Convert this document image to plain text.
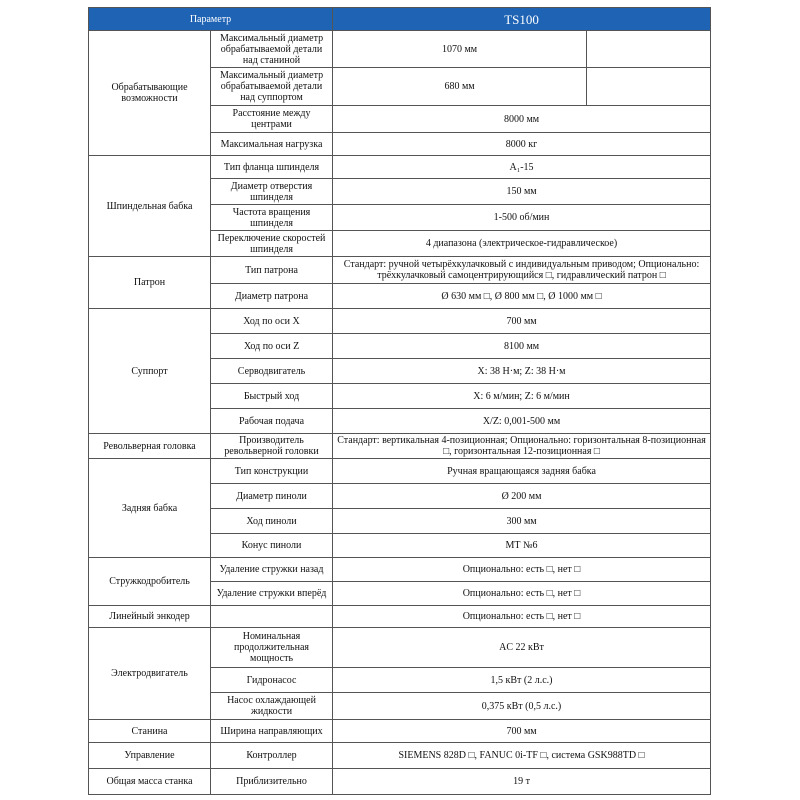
Параметр		TS100	
Обрабатывающие возможности	Максимальный диаметр обрабатываемой детали над станиной	1070 мм	
	Максимальный диаметр обрабатываемой детали над суппортом	680 мм	
	Расстояние между центрами	8000 мм	
	Максимальная нагрузка	8000 кг	
Шпиндельная бабка	Тип фланца шпинделя	A₁-15	
	Диаметр отверстия шпинделя	150 мм	
	Частота вращения шпинделя	1-500 об/мин	
	Переключение скоростей шпинделя	4 диапазона (электрическое-гидравлическое)	
Патрон	Тип патрона	Стандарт: ручной четырёхкулачковый с индивидуальным приводом; Опционально: трёхкулачковый самоцентрирующийся □, гидравлический патрон □	
	Диаметр патрона	Ø 630 мм □, Ø 800 мм □, Ø 1000 мм □	
Суппорт	Ход по оси X	700 мм	
	Ход по оси Z	8100 мм	
	Серводвигатель	X: 38 Н·м; Z: 38 Н·м	
	Быстрый ход	X: 6 м/мин; Z: 6 м/мин	
	Рабочая подача	X/Z: 0,001-500 мм	
Револьверная головка	Производитель револьверной головки	Стандарт: вертикальная 4-позиционная; Опционально: горизонтальная 8-позиционная □, горизонтальная 12-позиционная □	
Задняя бабка	Тип конструкции	Ручная вращающаяся задняя бабка	
	Диаметр пиноли	Ø 200 мм	
	Ход пиноли	300 мм	
	Конус пиноли	МТ №6	
Стружкодробитель	Удаление стружки назад	Опционально: есть □, нет □	
	Удаление стружки вперёд	Опционально: есть □, нет □	
Линейный энкодер		Опционально: есть □, нет □	
Электродвигатель	Номинальная продолжительная мощность	AC 22 кВт	
	Гидронасос	1,5 кВт (2 л.с.)	
	Насос охлаждающей жидкости	0,375 кВт (0,5 л.с.)	
Станина	Ширина направляющих	700 мм	
Управление	Контроллер	SIEMENS 828D □, FANUC 0i-TF □, система GSK988TD □	
Общая масса станка	Приблизительно	19 т	
